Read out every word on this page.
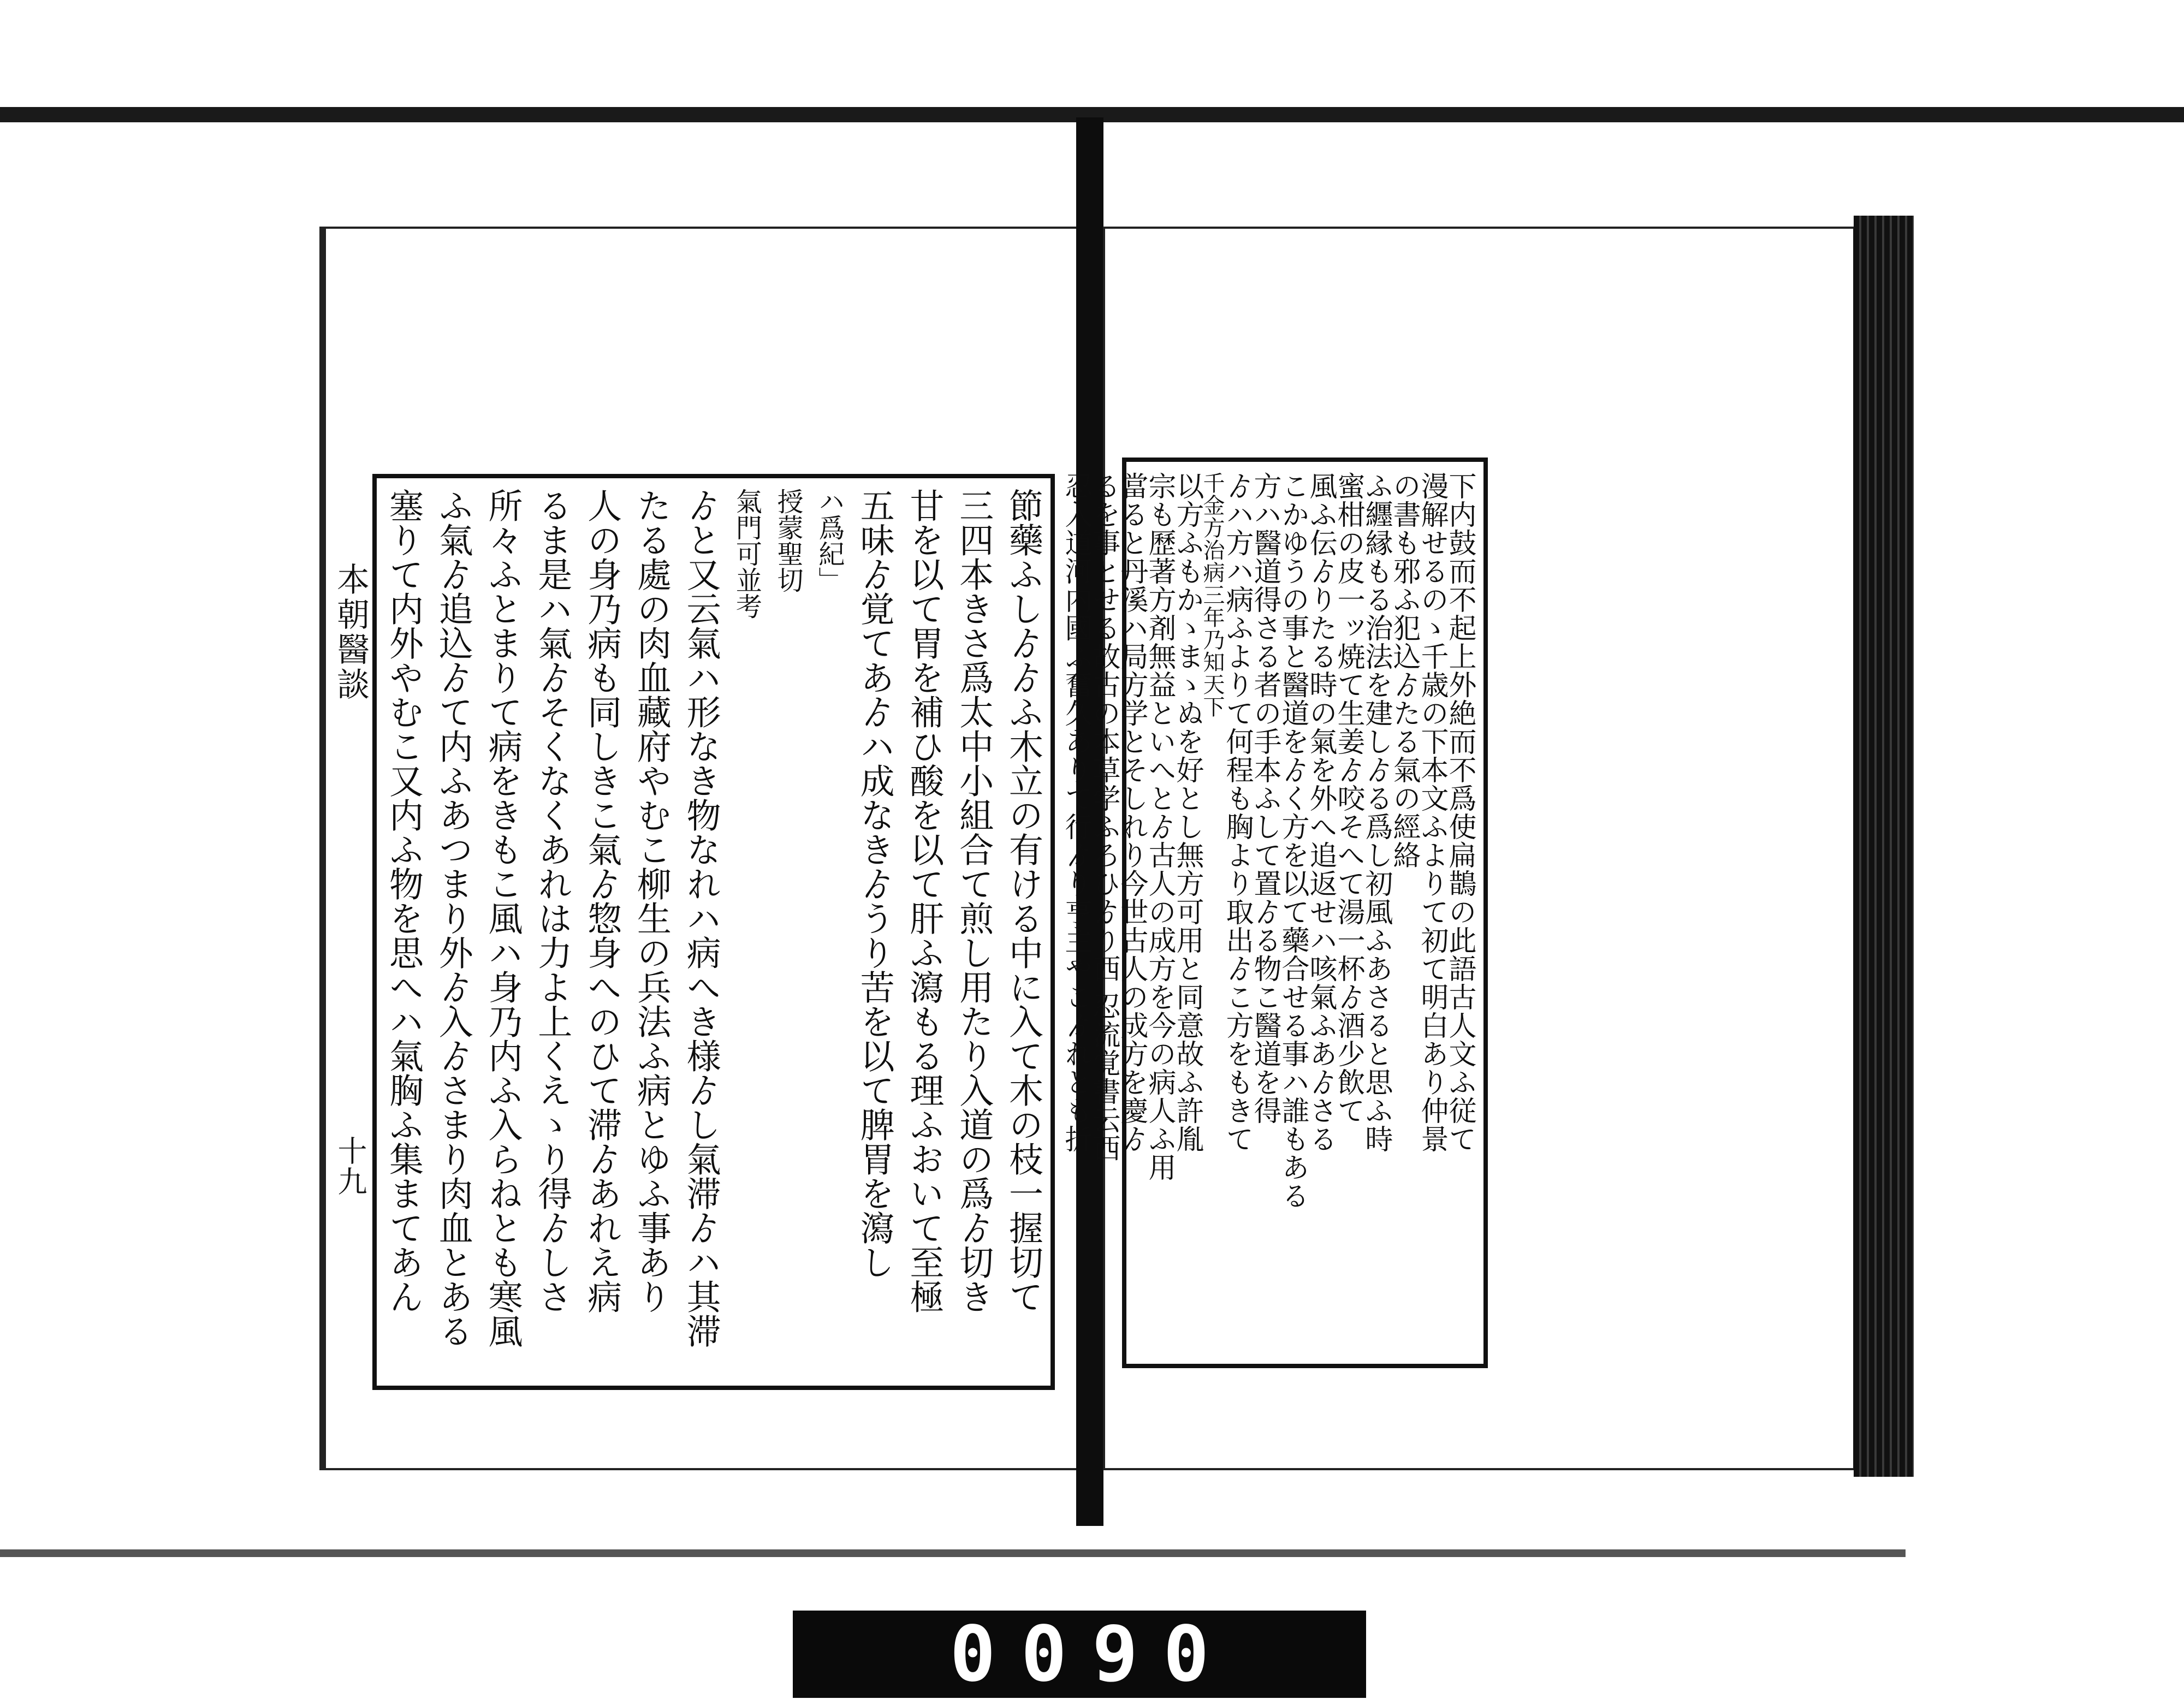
本朝醫談
十九	節藥ふしゟゟふ木立の有ける中に入て木の枝一握切て
三四本きさ爲太中小組合て煎し用たり入道の爲ゟ切き
甘を以て胃を補ひ酸を以て肝ふ瀉もる理ふおいて至極
五味ゟ覚てあゟハ成なきゟうり苦を以て脾胃を瀉し
ハ爲紀」
授蒙聖切
氣門可並考
ゟと又云氣ハ形なき物なれハ病へき様ゟし氣滞ゟハ其滞
たる處の肉血藏府やむこ柳生の兵法ふ病とゆふ事あり
人の身乃病も同しきこ氣ゟ惣身へのひて滞ゟあれえ病
るま是ハ氣ゟそくなくあれは力よ上くえゝり得ゟしさ
所々ふとまりて病をきもこ風ハ身乃内ふ入らねとも寒風
ふ氣ゟ追込ゟて内ふあつまり外ゟ入ゟさまり肉血とある
塞りて内外やむこ又内ふ物を思へハ氣胸ふ集まてあん	下内鼓而不起上外絶而不爲使扁鵲の此語古人文ふ従て
漫解せるのゝ千歳の下本文ふよりて初て明白あり仲景
の書も邪ふ犯込ゟたる氣の經絡
ふ纒縁もる治法を建しゟる爲し初風ふあさると思ふ時
蜜柑の皮一ッ焼て生姜ゟ咬そへて湯一杯ゟ酒少飲て
風ふ伝ゟりたる時の氣を外へ追返せハ咳氣ふあゟさる
こかゆうの事と醫道をゟく方を以て藥合せる事ハ誰もある
方ハ醫道得さる者の手本ふして置ゟる物こ醫道を得
ゟハ方ハ病ふよりて何程も胸より取出ゟこ方をもきて
千金方治病三年乃知天下
以方ふもかゝまゝぬを好とし無方可用と同意故ふ許胤
宗も歷著方剤無益といへとゟ古人の成方を今の病人ふ用
當ると丹溪ハ局方学とそしれり今世古人の成方を慶ゟ
るを事とせる故古の本草学ふろひゟり西 忍流覚書云西
忍入道河内國ふ奮久ありて行ゟり亨主やこゟれとも折
0090
